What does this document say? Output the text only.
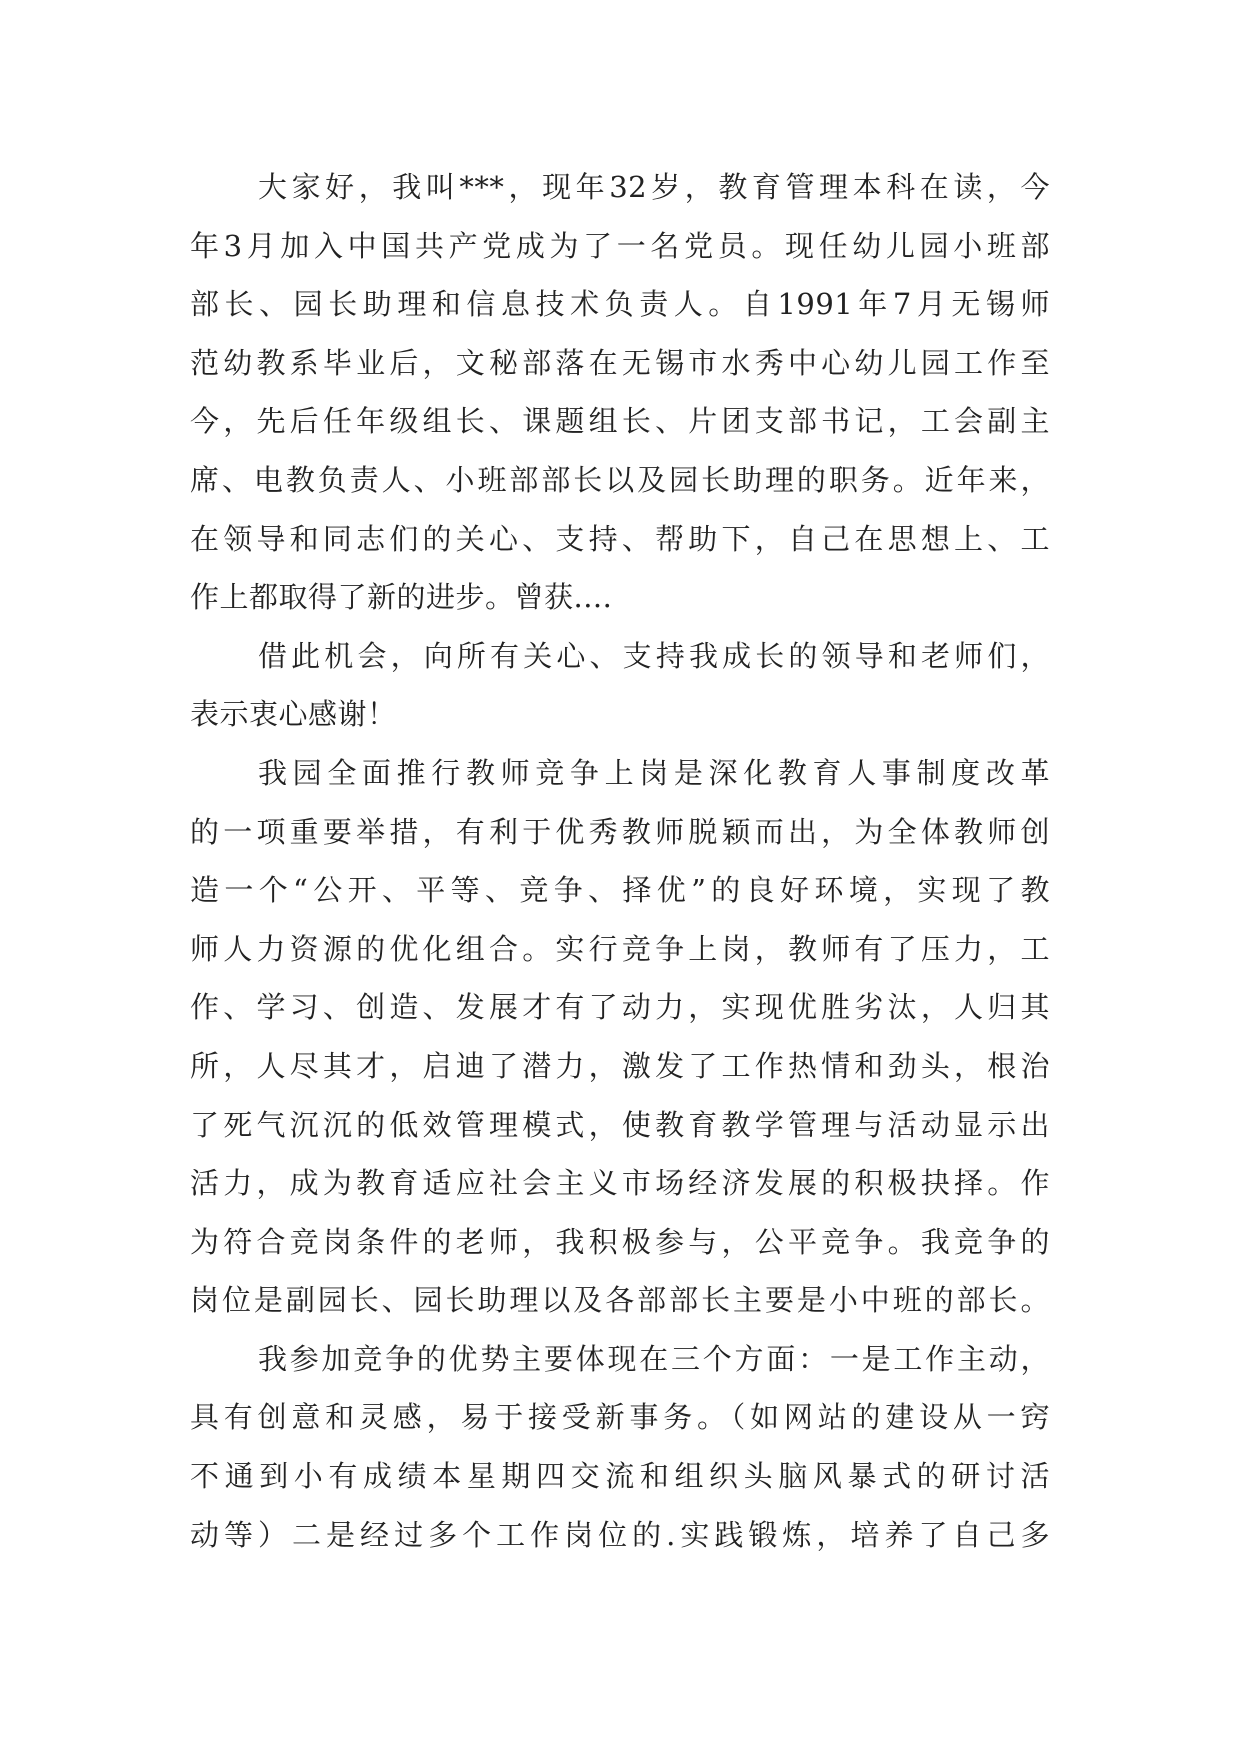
大家好，我叫***，现年32岁，教育管理本科在读，今
年3月加入中国共产党成为了一名党员。现任幼儿园小班部
部长、园长助理和信息技术负责人。自1991年7月无锡师
范幼教系毕业后，文秘部落在无锡市水秀中心幼儿园工作至
今，先后任年级组长、课题组长、片团支部书记，工会副主
席、电教负责人、小班部部长以及园长助理的职务。近年来，
在领导和同志们的关心、支持、帮助下，自己在思想上、工
作上都取得了新的进步。曾获....
借此机会，向所有关心、支持我成长的领导和老师们，
表示衷心感谢！
我园全面推行教师竞争上岗是深化教育人事制度改革
的一项重要举措，有利于优秀教师脱颖而出，为全体教师创
造一个“公开、平等、竞争、择优”的良好环境，实现了教
师人力资源的优化组合。实行竞争上岗，教师有了压力，工
作、学习、创造、发展才有了动力，实现优胜劣汰，人归其
所，人尽其才，启迪了潜力，激发了工作热情和劲头，根治
了死气沉沉的低效管理模式，使教育教学管理与活动显示出
活力，成为教育适应社会主义市场经济发展的积极抉择。作
为符合竞岗条件的老师，我积极参与，公平竞争。我竞争的
岗位是副园长、园长助理以及各部部长主要是小中班的部长。
我参加竞争的优势主要体现在三个方面：一是工作主动，
具有创意和灵感，易于接受新事务。（如网站的建设从一窍
不通到小有成绩本星期四交流和组织头脑风暴式的研讨活
动等）二是经过多个工作岗位的.实践锻炼，培养了自己多
